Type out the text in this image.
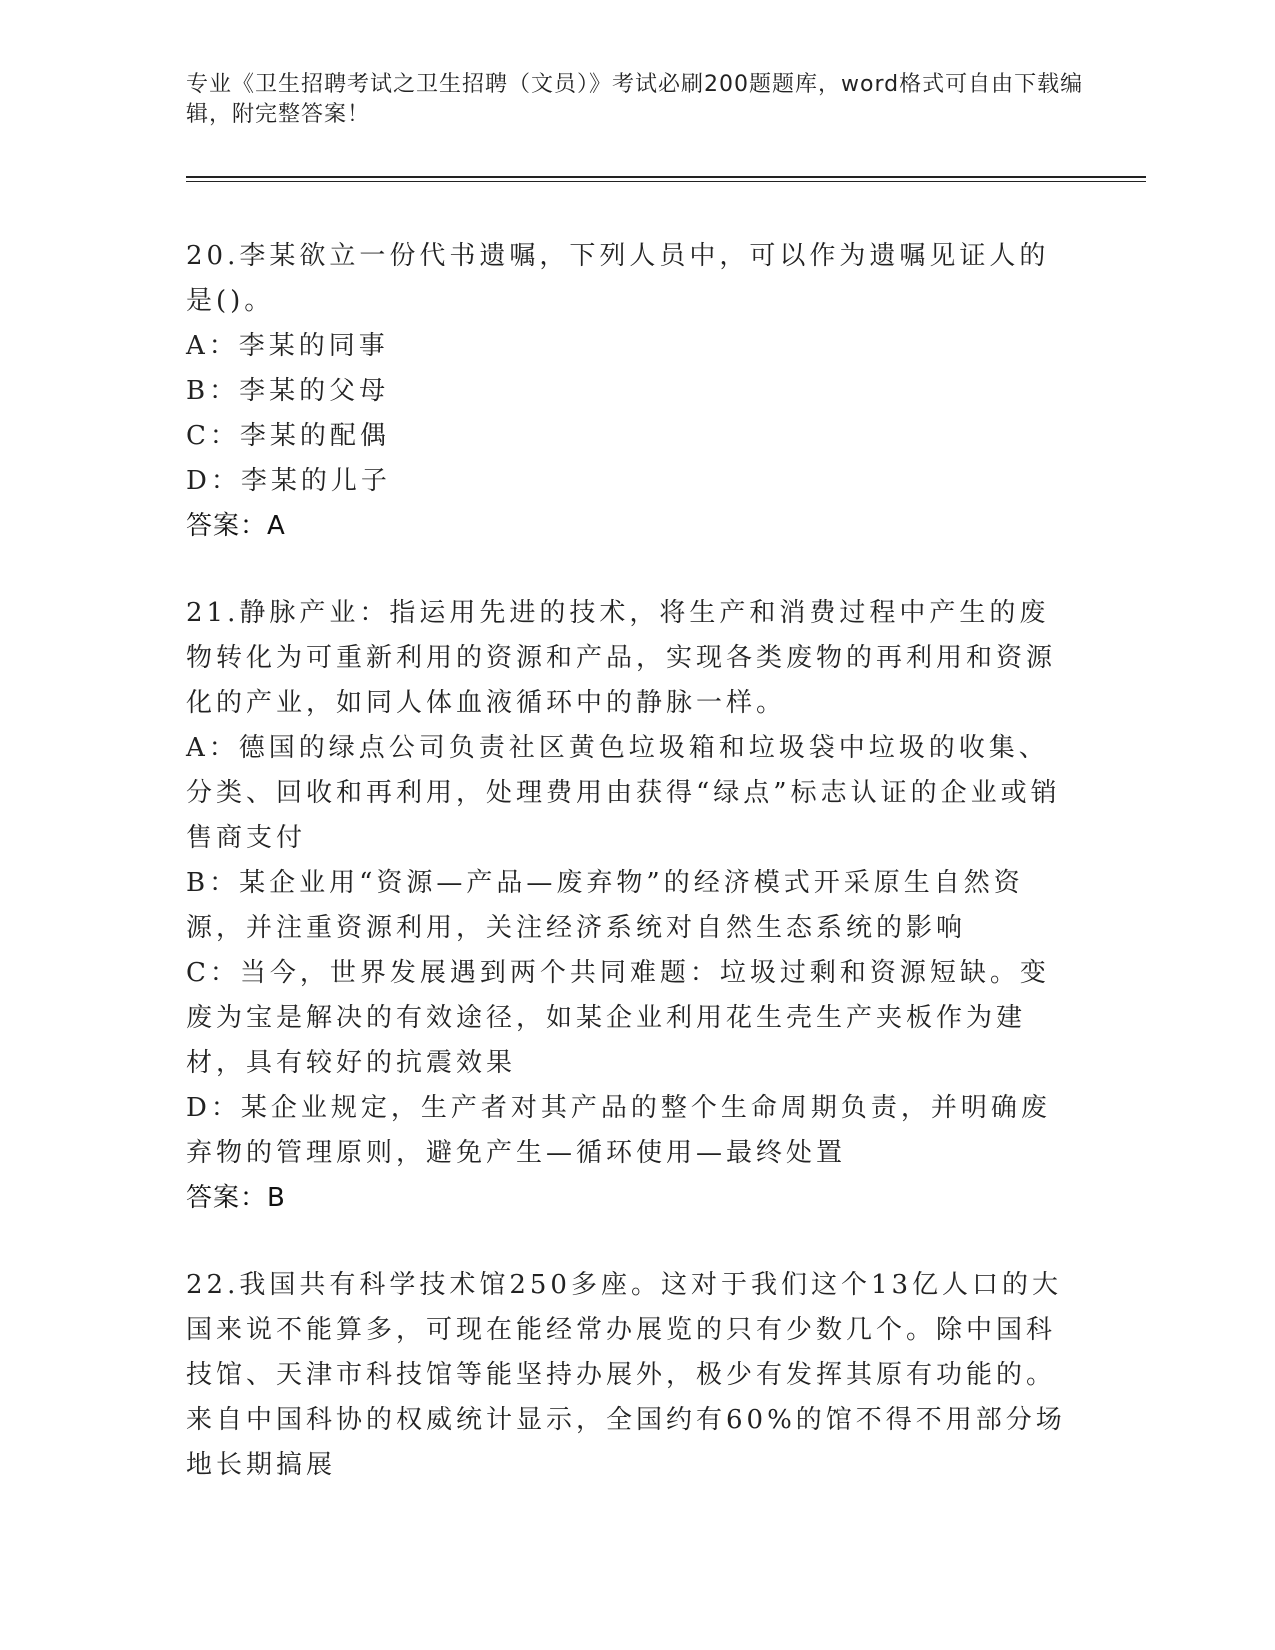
专业《卫生招聘考试之卫生招聘（文员）》考试必刷200题题库，word格式可自由下载编辑，附完整答案！
20.李某欲立一份代书遗嘱，下列人员中，可以作为遗嘱见证人的是()。
A：李某的同事
B：李某的父母
C：李某的配偶
D：李某的儿子
答案：A
21.静脉产业：指运用先进的技术，将生产和消费过程中产生的废物转化为可重新利用的资源和产品，实现各类废物的再利用和资源化的产业，如同人体血液循环中的静脉一样。
A：德国的绿点公司负责社区黄色垃圾箱和垃圾袋中垃圾的收集、分类、回收和再利用，处理费用由获得“绿点”标志认证的企业或销售商支付
B：某企业用“资源—产品—废弃物”的经济模式开采原生自然资源，并注重资源利用，关注经济系统对自然生态系统的影响
C：当今，世界发展遇到两个共同难题：垃圾过剩和资源短缺。变废为宝是解决的有效途径，如某企业利用花生壳生产夹板作为建材，具有较好的抗震效果
D：某企业规定，生产者对其产品的整个生命周期负责，并明确废弃物的管理原则，避免产生—循环使用—最终处置
答案：B
22.我国共有科学技术馆250多座。这对于我们这个13亿人口的大国来说不能算多，可现在能经常办展览的只有少数几个。除中国科技馆、天津市科技馆等能坚持办展外，极少有发挥其原有功能的。来自中国科协的权威统计显示，全国约有60%的馆不得不用部分场地长期搞展
